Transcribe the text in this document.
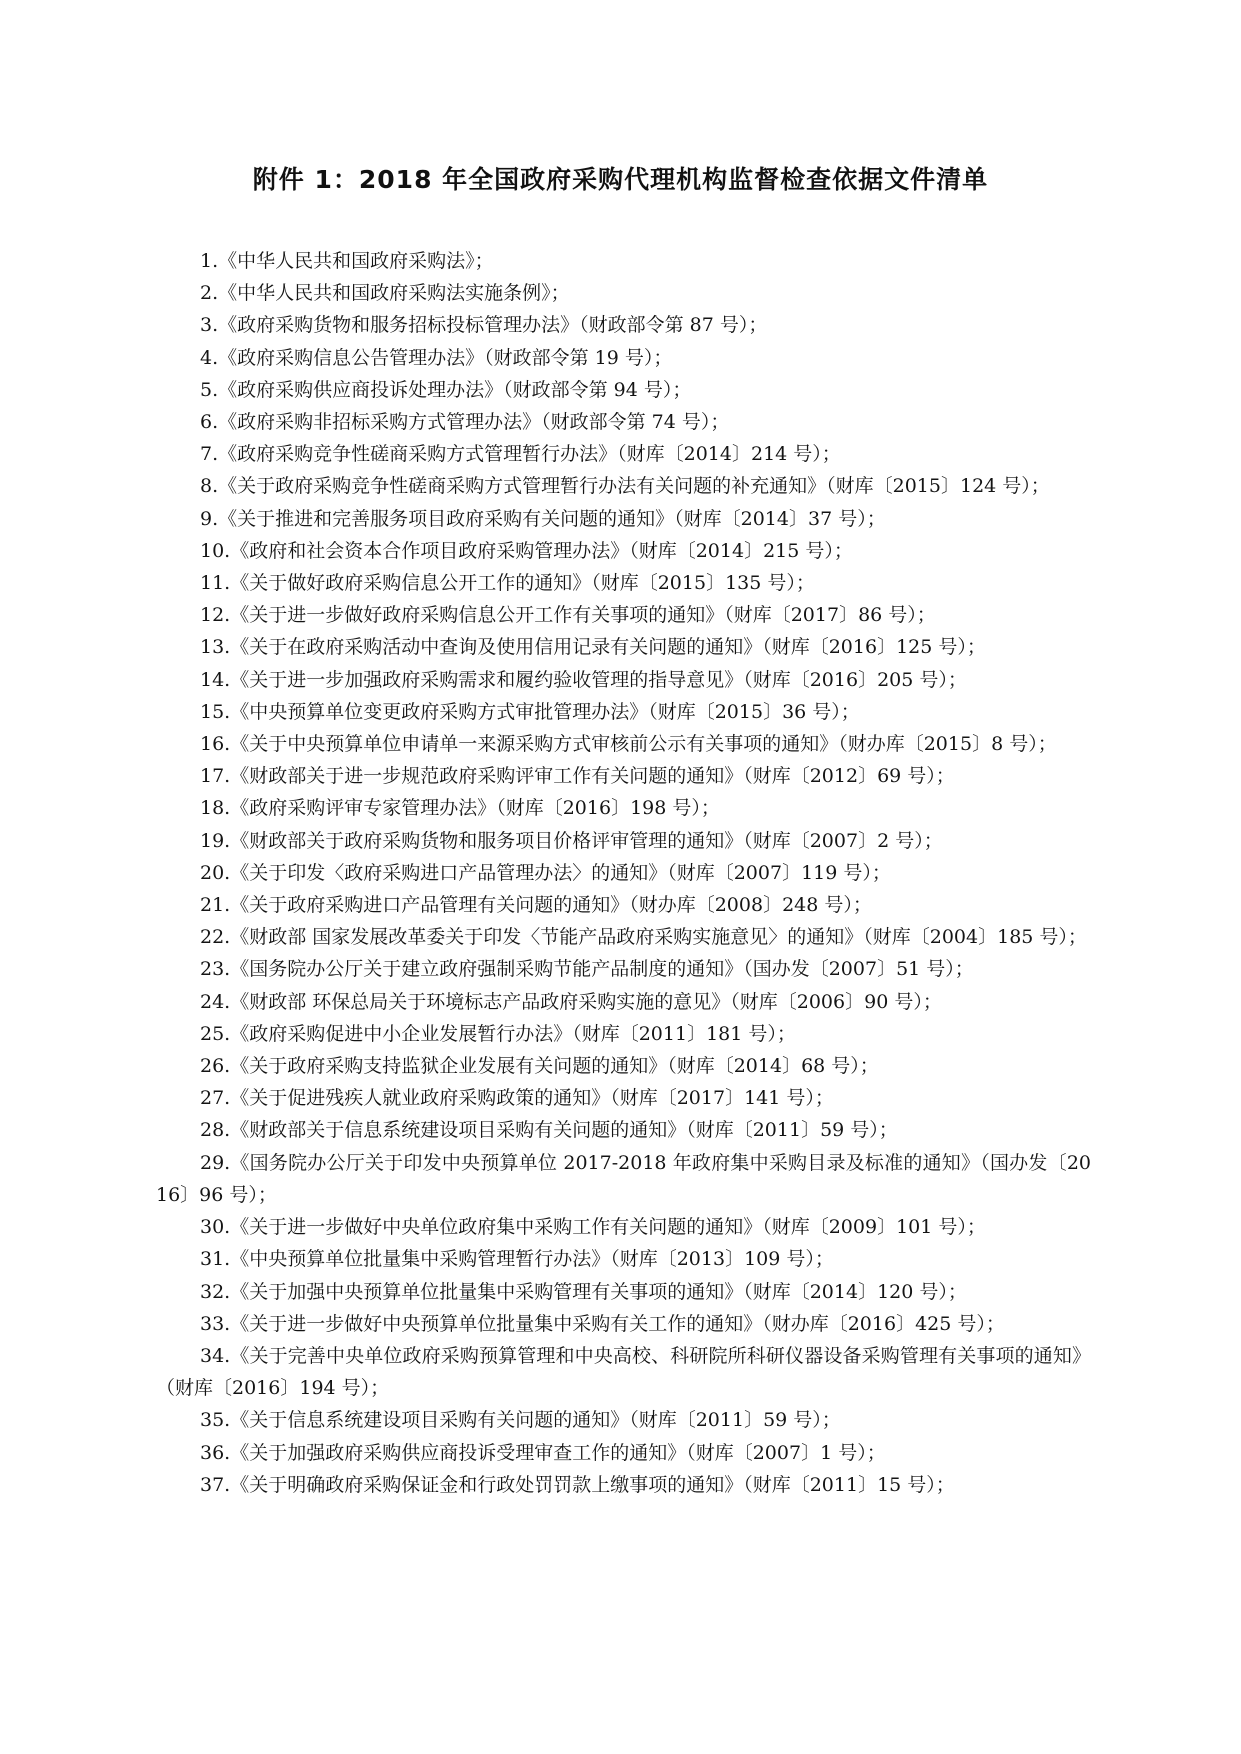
附件 1：2018 年全国政府采购代理机构监督检查依据文件清单

1.《中华人民共和国政府采购法》；

2.《中华人民共和国政府采购法实施条例》；

3.《政府采购货物和服务招标投标管理办法》（财政部令第 87 号）；

4.《政府采购信息公告管理办法》（财政部令第 19 号）；

5.《政府采购供应商投诉处理办法》（财政部令第 94 号）；

6.《政府采购非招标采购方式管理办法》（财政部令第 74 号）；

7.《政府采购竞争性磋商采购方式管理暂行办法》（财库〔2014〕214 号）；

8.《关于政府采购竞争性磋商采购方式管理暂行办法有关问题的补充通知》（财库〔2015〕124 号）；

9.《关于推进和完善服务项目政府采购有关问题的通知》（财库〔2014〕37 号）；

10.《政府和社会资本合作项目政府采购管理办法》（财库〔2014〕215 号）；

11.《关于做好政府采购信息公开工作的通知》（财库〔2015〕135 号）；

12.《关于进一步做好政府采购信息公开工作有关事项的通知》（财库〔2017〕86 号）；

13.《关于在政府采购活动中查询及使用信用记录有关问题的通知》（财库〔2016〕125 号）；

14.《关于进一步加强政府采购需求和履约验收管理的指导意见》（财库〔2016〕205 号）；

15.《中央预算单位变更政府采购方式审批管理办法》（财库〔2015〕36 号）；

16.《关于中央预算单位申请单一来源采购方式审核前公示有关事项的通知》（财办库〔2015〕8 号）；

17.《财政部关于进一步规范政府采购评审工作有关问题的通知》（财库〔2012〕69 号）；

18.《政府采购评审专家管理办法》（财库〔2016〕198 号）；

19.《财政部关于政府采购货物和服务项目价格评审管理的通知》（财库〔2007〕2 号）；

20.《关于印发〈政府采购进口产品管理办法〉的通知》（财库〔2007〕119 号）；

21.《关于政府采购进口产品管理有关问题的通知》（财办库〔2008〕248 号）；

22.《财政部 国家发展改革委关于印发〈节能产品政府采购实施意见〉的通知》（财库〔2004〕185 号）；

23.《国务院办公厅关于建立政府强制采购节能产品制度的通知》（国办发〔2007〕51 号）；

24.《财政部 环保总局关于环境标志产品政府采购实施的意见》（财库〔2006〕90 号）；

25.《政府采购促进中小企业发展暂行办法》（财库〔2011〕181 号）；

26.《关于政府采购支持监狱企业发展有关问题的通知》（财库〔2014〕68 号）；

27.《关于促进残疾人就业政府采购政策的通知》（财库〔2017〕141 号）；

28.《财政部关于信息系统建设项目采购有关问题的通知》（财库〔2011〕59 号）；

29.《国务院办公厅关于印发中央预算单位 2017-2018 年政府集中采购目录及标准的通知》（国办发〔2016〕96 号）；

30.《关于进一步做好中央单位政府集中采购工作有关问题的通知》（财库〔2009〕101 号）；

31.《中央预算单位批量集中采购管理暂行办法》（财库〔2013〕109 号）；

32.《关于加强中央预算单位批量集中采购管理有关事项的通知》（财库〔2014〕120 号）；

33.《关于进一步做好中央预算单位批量集中采购有关工作的通知》（财办库〔2016〕425 号）；

34.《关于完善中央单位政府采购预算管理和中央高校、科研院所科研仪器设备采购管理有关事项的通知》（财库〔2016〕194 号）；

35.《关于信息系统建设项目采购有关问题的通知》（财库〔2011〕59 号）；

36.《关于加强政府采购供应商投诉受理审查工作的通知》（财库〔2007〕1 号）；

37.《关于明确政府采购保证金和行政处罚罚款上缴事项的通知》（财库〔2011〕15 号）；
